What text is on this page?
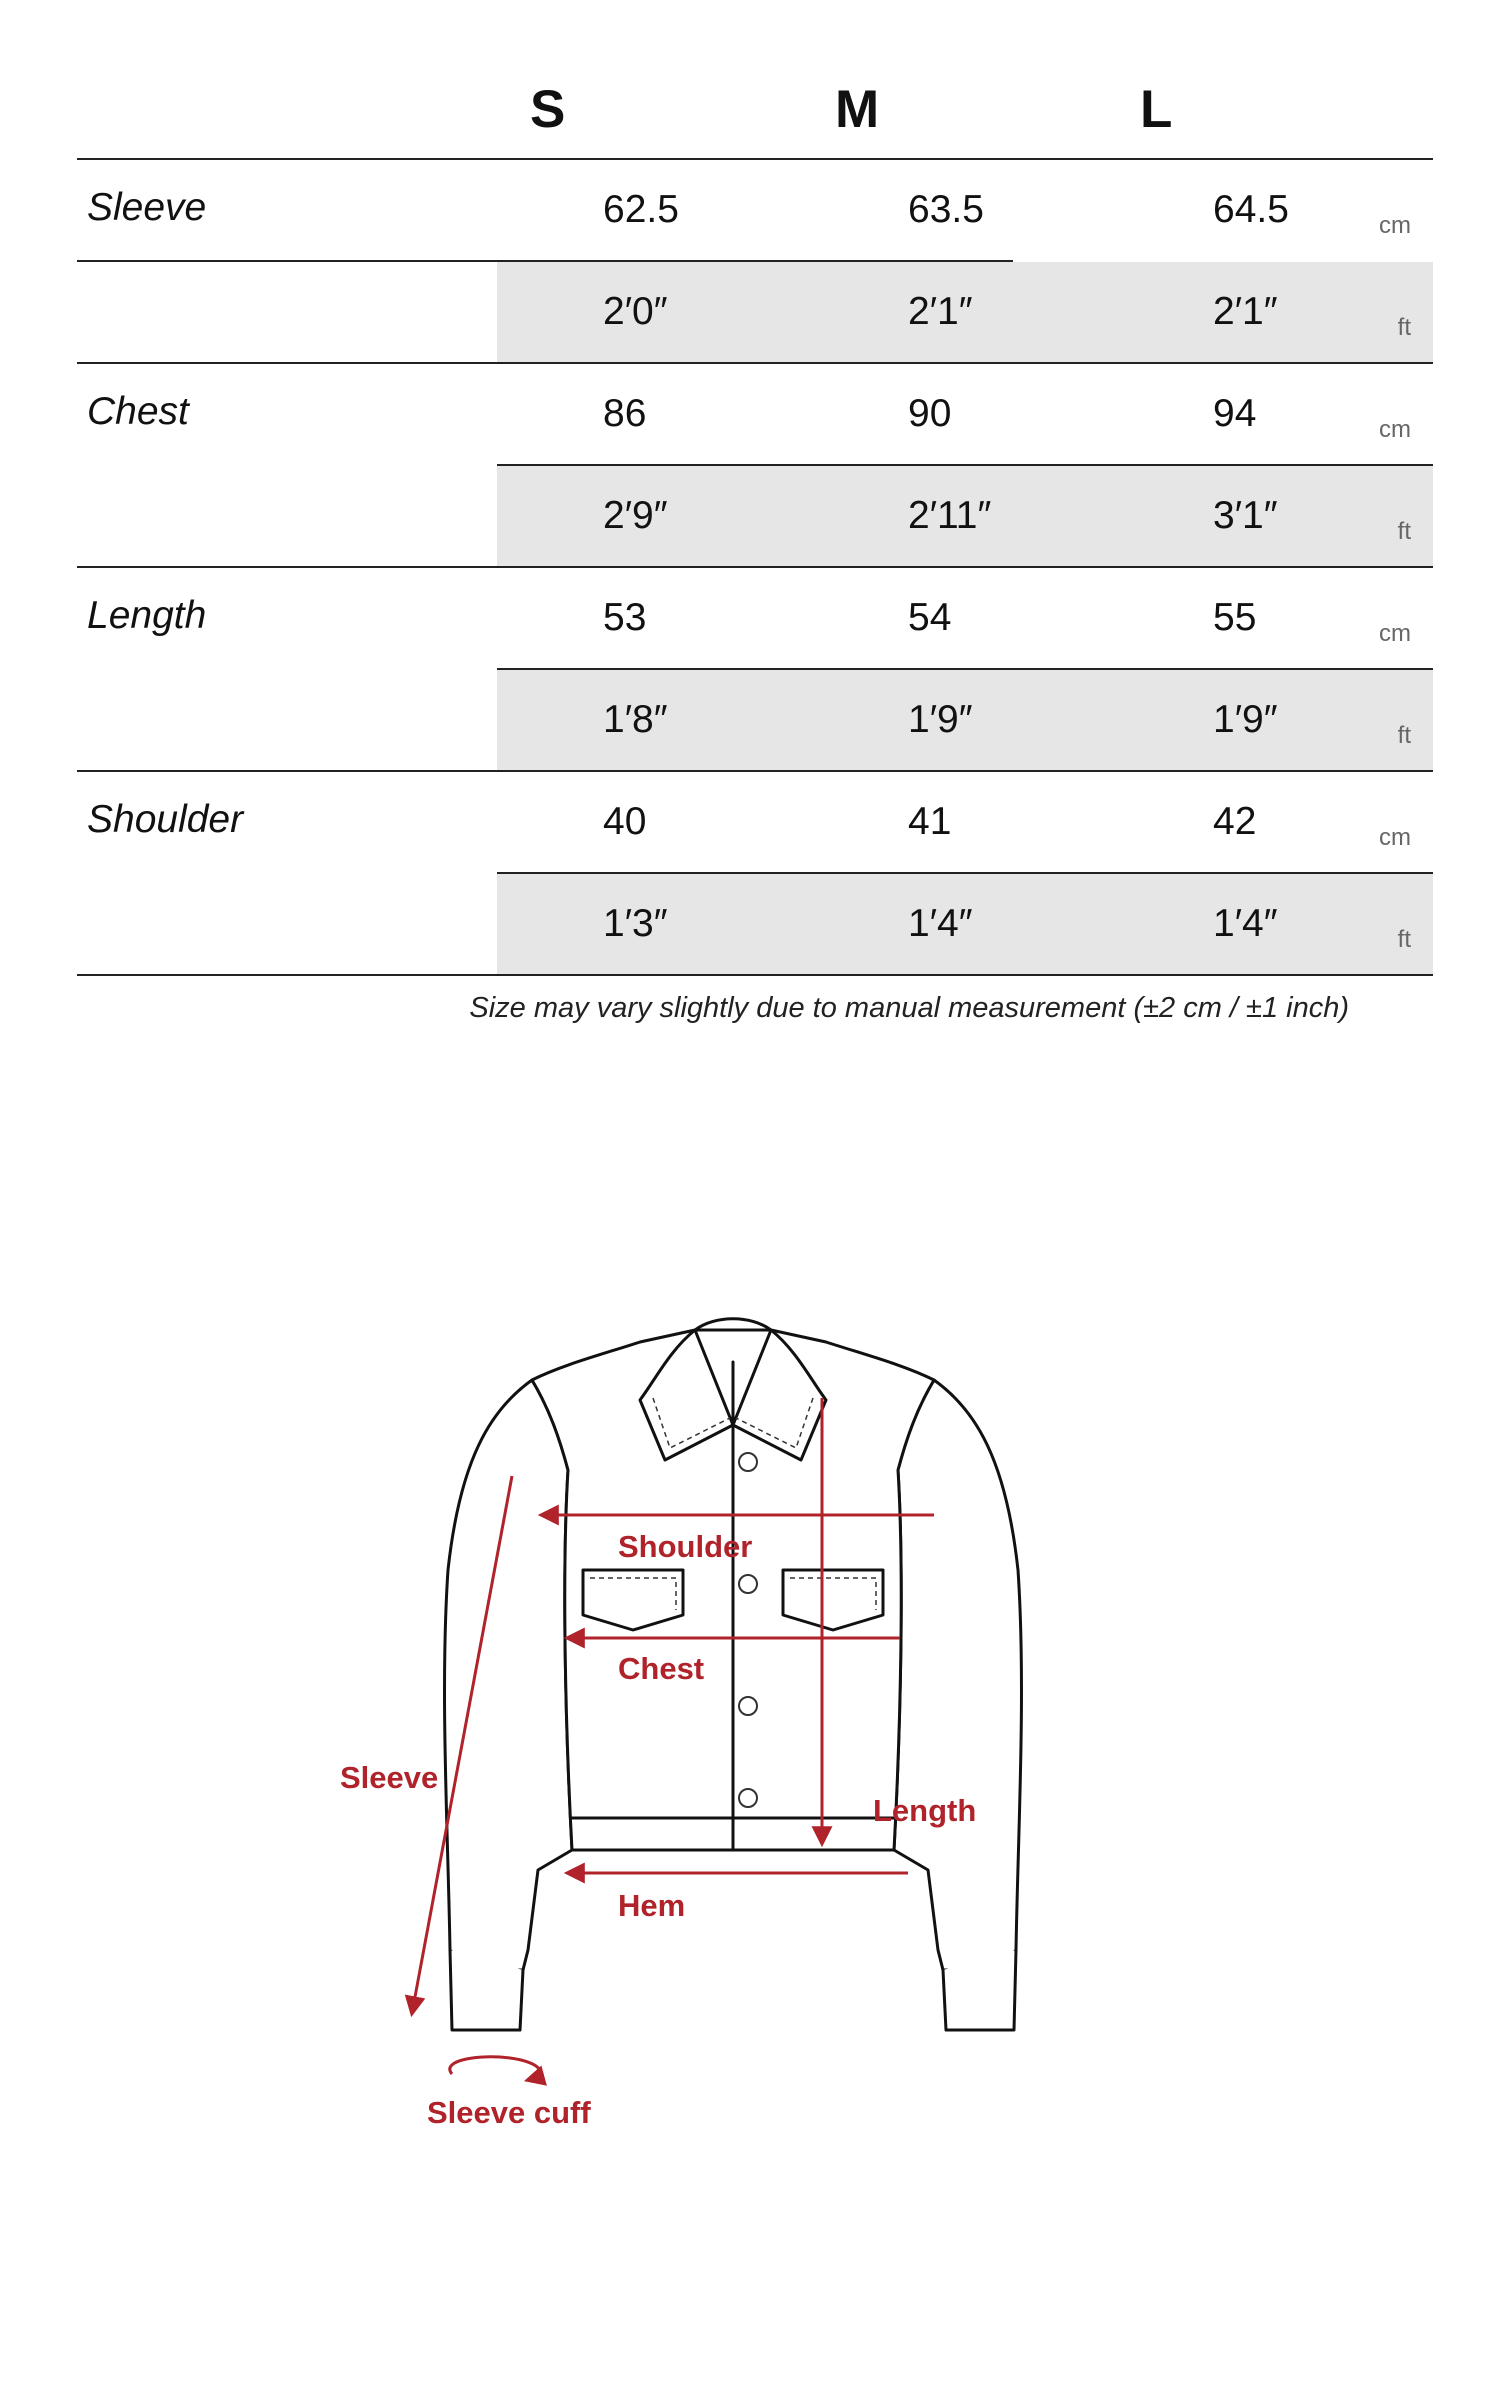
S	M	L
Sleeve	62.5	63.5	64.5	cm
2′0″	2′1″	2′1″	ft
Chest	86	90	94	cm
2′9″	2′11″	3′1″	ft
Length	53	54	55	cm
1′8″	1′9″	1′9″	ft
Shoulder	40	41	42	cm
1′3″	1′4″	1′4″	ft
Size may vary slightly due to manual measurement (±2 cm / ±1 inch)
Shoulder
Chest
Sleeve
Length
Hem
Sleeve cuff
